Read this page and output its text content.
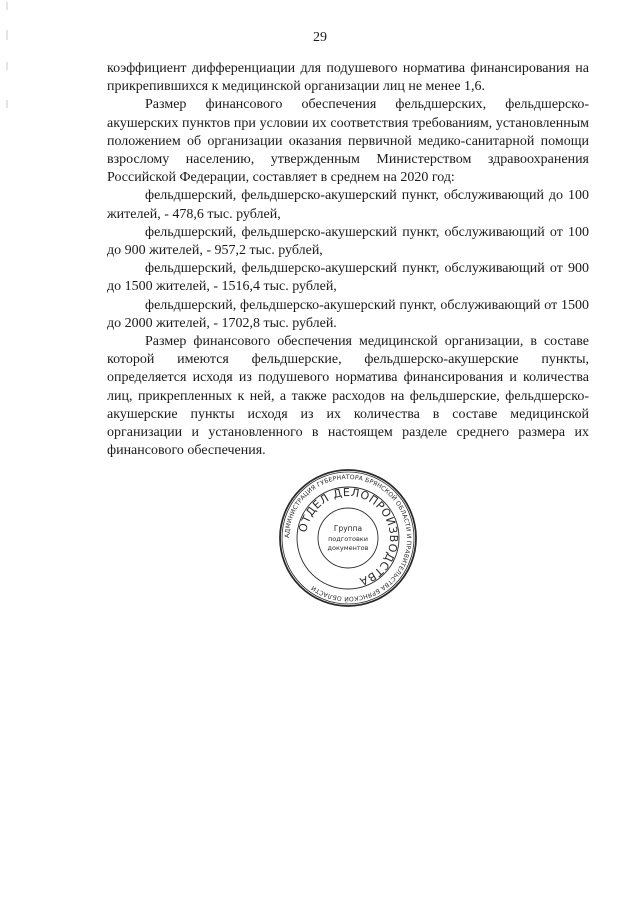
29

коэффициент дифференциации для подушевого норматива финансирования на прикрепившихся к медицинской организации лиц не менее 1,6.

Размер финансового обеспечения фельдшерских, фельдшерско-акушерских пунктов при условии их соответствия требованиям, установленным положением об организации оказания первичной медико-санитарной помощи взрослому населению, утвержденным Министерством здравоохранения Российской Федерации, составляет в среднем на 2020 год:

фельдшерский, фельдшерско-акушерский пункт, обслуживающий до 100 жителей, - 478,6 тыс. рублей,

фельдшерский, фельдшерско-акушерский пункт, обслуживающий от 100 до 900 жителей, - 957,2 тыс. рублей,

фельдшерский, фельдшерско-акушерский пункт, обслуживающий от 900 до 1500 жителей, - 1516,4 тыс. рублей,

фельдшерский, фельдшерско-акушерский пункт, обслуживающий от 1500 до 2000 жителей, - 1702,8 тыс. рублей.

Размер финансового обеспечения медицинской организации, в составе которой имеются фельдшерские, фельдшерско-акушерские пункты, определяется исходя из подушевого норматива финансирования и количества лиц, прикрепленных к ней, а также расходов на фельдшерские, фельдшерско-акушерские пункты исходя из их количества в составе медицинской организации и установленного в настоящем разделе среднего размера их финансового обеспечения.

АДМИНИСТРАЦИЯ ГУБЕРНАТОРА БРЯНСКОЙ ОБЛАСТИ И ПРАВИТЕЛЬСТВА БРЯНСКОЙ ОБЛАСТИ
ОТДЕЛ ДЕЛОПРОИЗВОДСТВА
Группа
подготовки
документов
